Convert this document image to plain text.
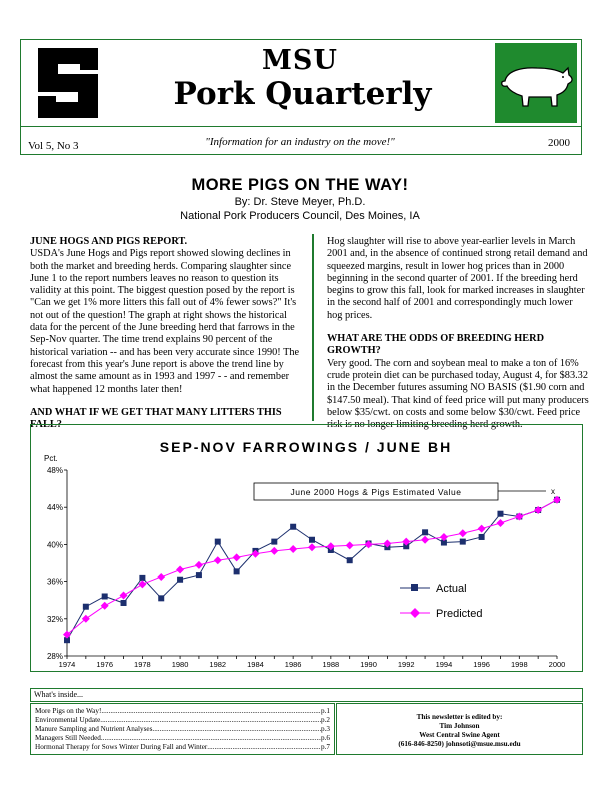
MSU
Pork Quarterly
Vol 5, No 3	"Information for an industry on the move!"	2000
MORE PIGS ON THE WAY!
By: Dr. Steve Meyer, Ph.D.
National Pork Producers Council, Des Moines, IA
JUNE HOGS AND PIGS REPORT.

USDA's June Hogs and Pigs report showed slowing declines in both the market and breeding herds. Comparing slaughter since June 1 to the report numbers leaves no reason to question its validity at this point. The biggest question posed by the report is "Can we get 1% more litters this fall out of 4% fewer sows?" It's not out of the question! The graph at right shows the historical data for the percent of the June breeding herd that farrows in the Sep-Nov quarter. The time trend explains 90 percent of the historical variation -- and has been very accurate since 1990! The forecast from this year's June report is above the trend line by almost the same amount as in 1993 and 1997 - - and remember what happened 12 months later then!

AND WHAT IF WE GET THAT MANY LITTERS THIS FALL?

Hog slaughter will rise to above year-earlier levels in March 2001 and, in the absence of continued strong retail demand and squeezed margins, result in lower hog prices than in 2000 beginning in the second quarter of 2001. If the breeding herd begins to grow this fall, look for marked increases in slaughter in the second half of 2001 and correspondingly much lower hog prices.

WHAT ARE THE ODDS OF BREEDING HERD GROWTH?

Very good. The corn and soybean meal to make a ton of 16% crude protein diet can be purchased today, August 4, for $83.32 in the December futures assuming NO BASIS ($1.90 corn and $147.50 meal). That kind of feed price will put many producers below $35/cwt. on costs and some below $30/cwt. Feed price risk is no longer limiting breeding herd growth.

SEP-NOV FARROWINGS / JUNE BH
Pct.
28%
32%
36%
40%
44%
48%
1974	1976	1978	1980	1982	1984	1986	1988	1990	1992	1994	1996	1998	2000
June 2000 Hogs & Pigs Estimated Value	x
Actual
Predicted
What's inside...
More Pigs on the Way! .....	p.1
Environmental Update .....	p.2
Manure Sampling and Nutrient Analyses .....	p.3
Managers Still Needed .....	p.6
Hormonal Therapy for Sows Winter During Fall and Winter .....	p.7
This newsletter is edited by:
Tim Johnson
West Central Swine Agent
(616-846-8250) johnsoti@msue.msu.edu
